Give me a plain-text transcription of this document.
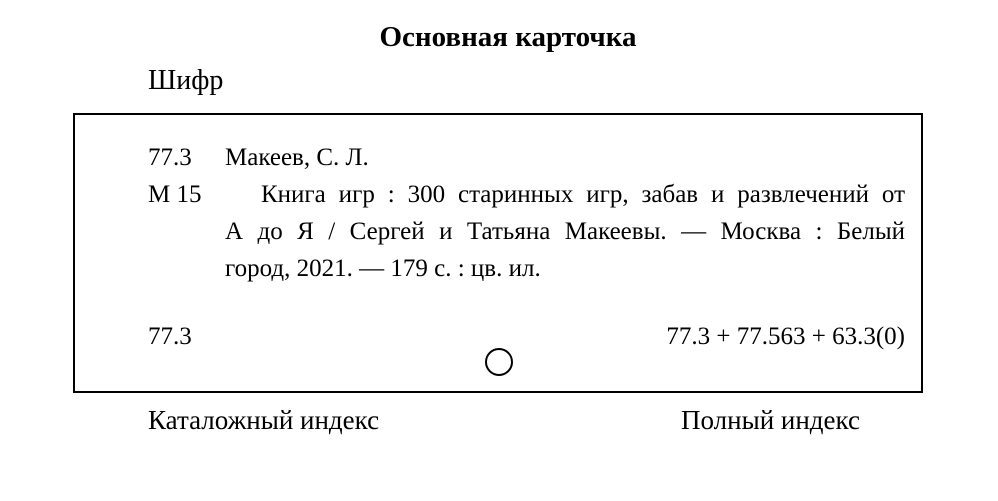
Основная карточка
Шифр
77.3
М 15
Макеев, С. Л.
Книга игр : 300 старинных игр, забав и развлечений от
А до Я / Сергей и Татьяна Макеевы. — Москва : Белый
город, 2021. — 179 с. : цв. ил.
77.3	77.3 + 77.563 + 63.3(0)
Каталожный индекс	Полный индекс
